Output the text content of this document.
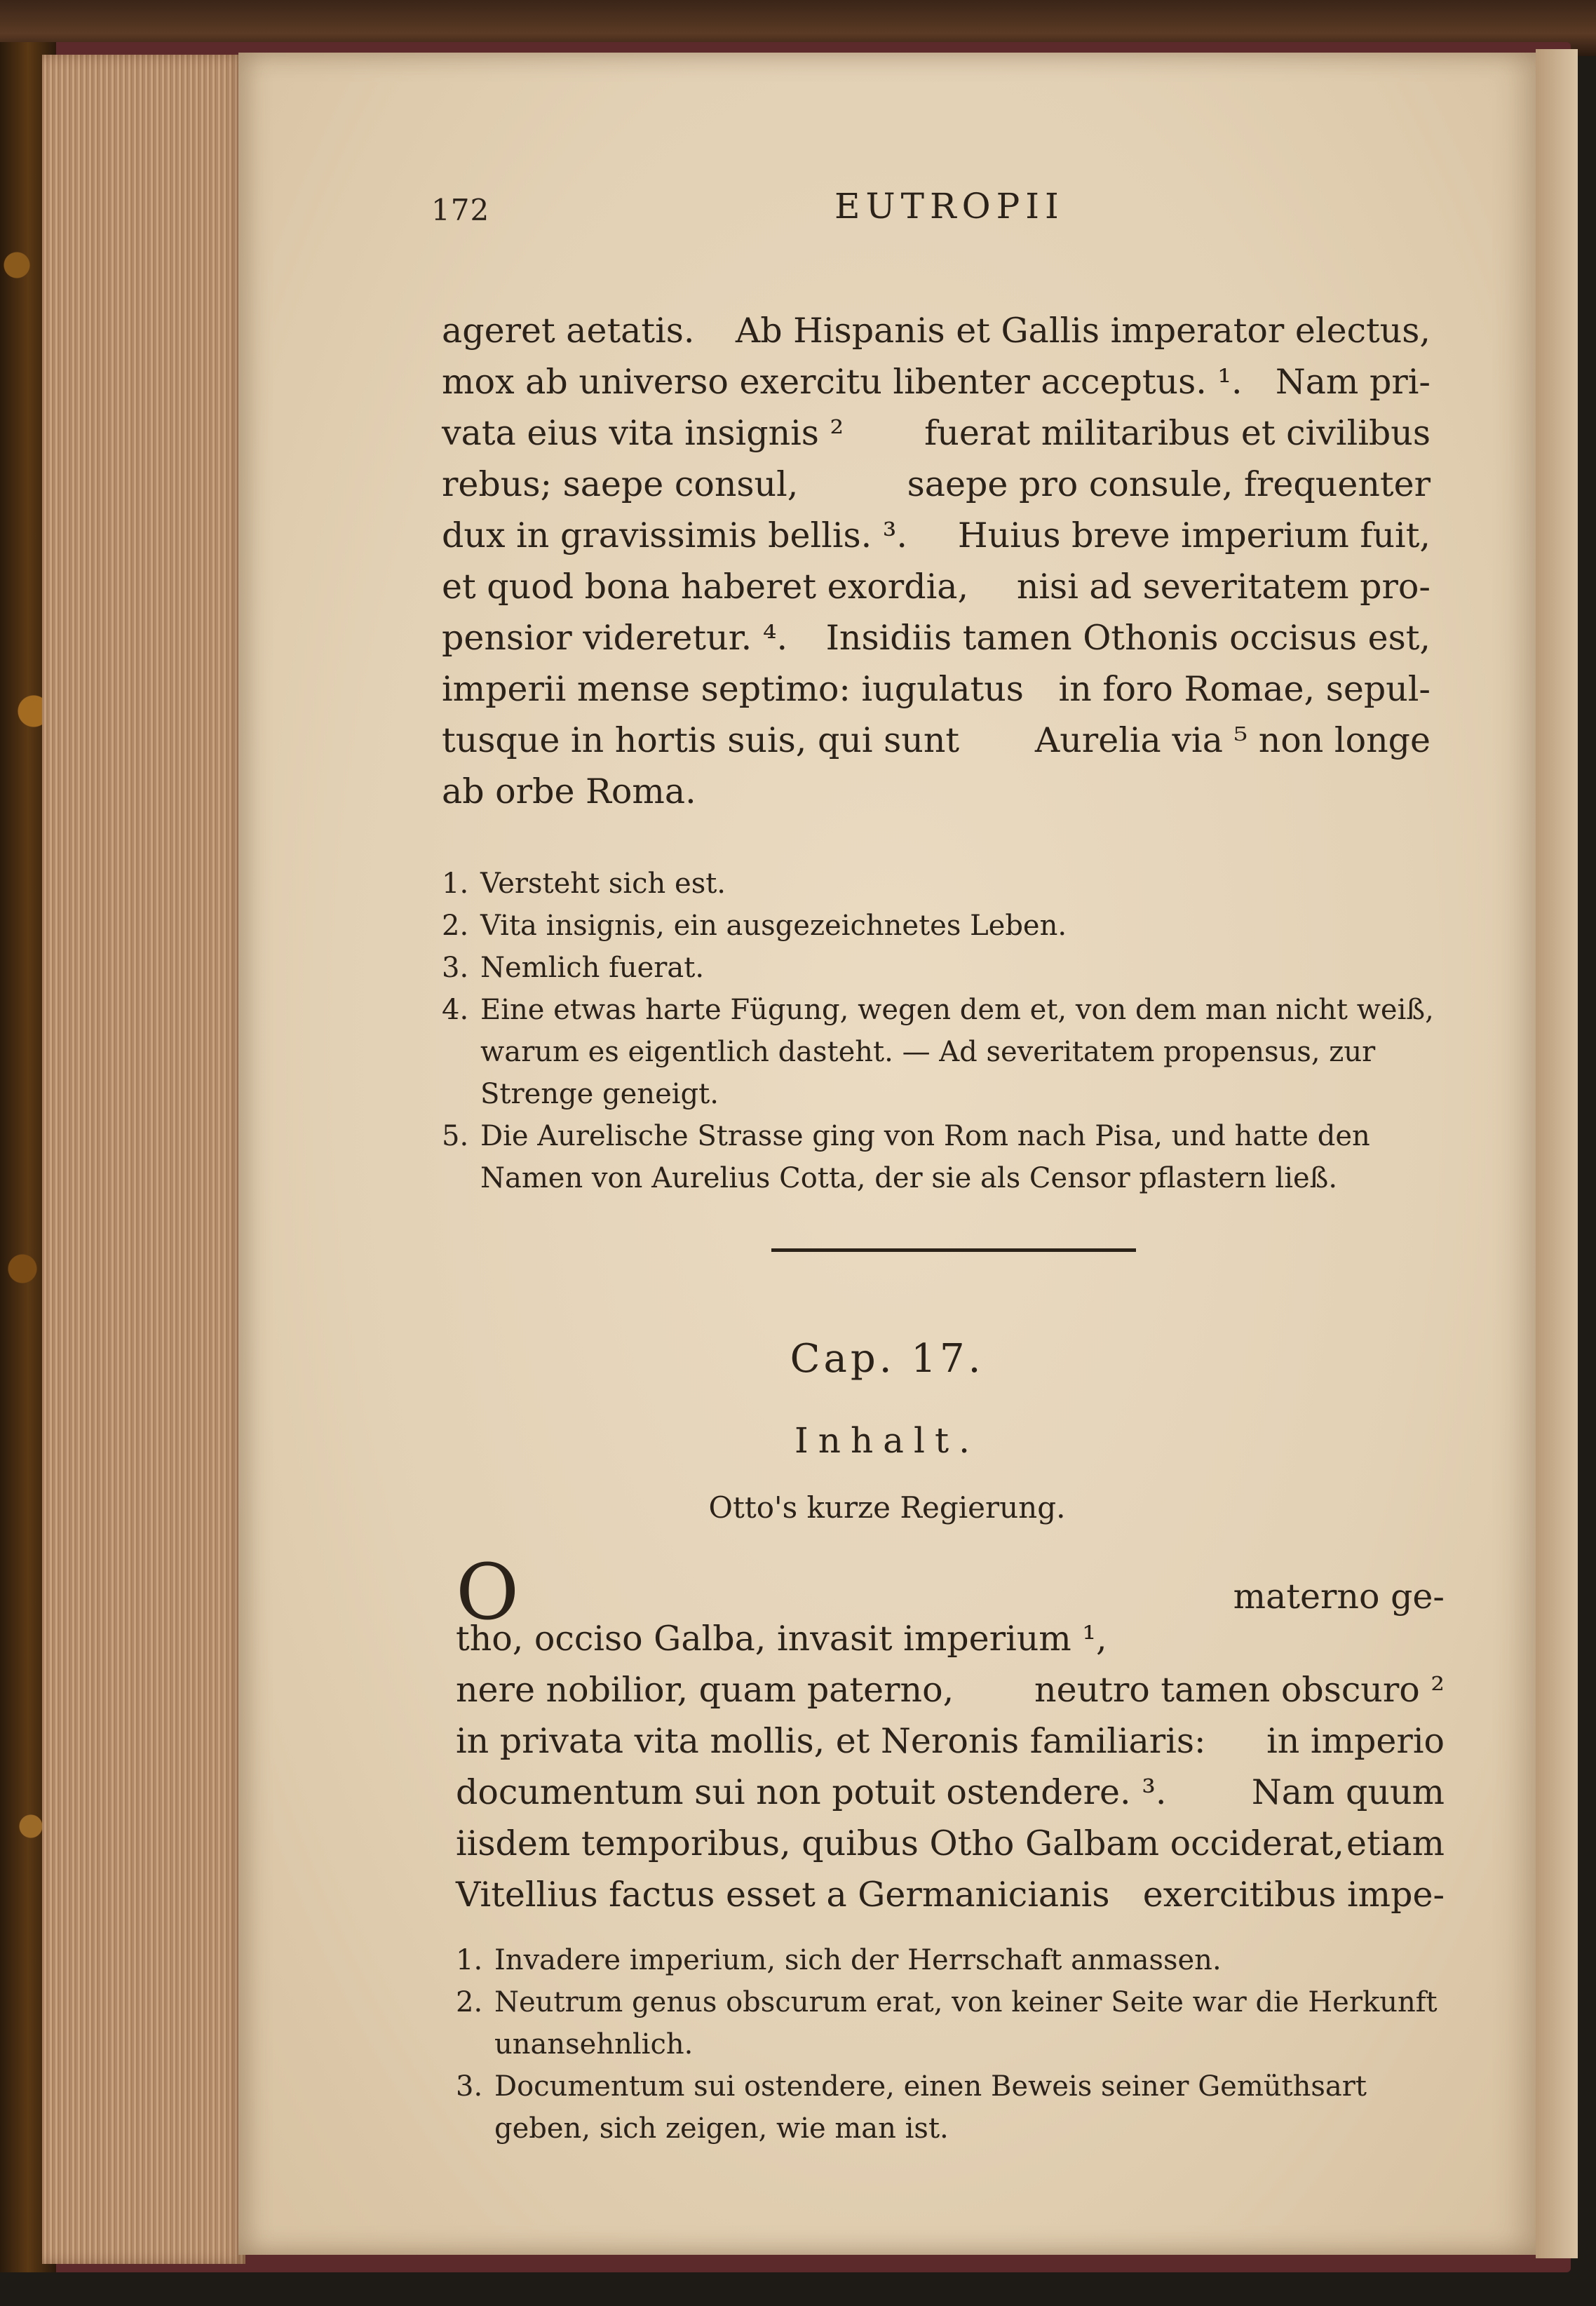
172	EUTROPII
ageret aetatis. Ab Hispanis et Gallis imperator electus,
mox ab universo exercitu libenter acceptus. ¹. Nam pri-
vata eius vita insignis ² fuerat militaribus et civilibus
rebus; saepe consul,	saepe pro consule, frequenter
dux in gravissimis bellis. ³. Huius breve imperium fuit,
et quod bona haberet exordia, nisi ad severitatem pro-
pensior videretur. ⁴. Insidiis tamen Othonis occisus est,
imperii mense septimo: iugulatus in foro Romae, sepul-
tusque in hortis suis, qui sunt Aurelia via ⁵ non longe
ab orbe Roma.
1. Versteht sich est.
2. Vita insignis, ein ausgezeichnetes Leben.
3. Nemlich fuerat.
4. Eine etwas harte Fügung, wegen dem et, von dem man nicht weiß, warum es eigentlich dasteht. — Ad severitatem propensus, zur Strenge geneigt.
5. Die Aurelische Strasse ging von Rom nach Pisa, und hatte den Namen von Aurelius Cotta, der sie als Censor pflastern ließ.
Cap. 17.
Inhalt.
Otto's kurze Regierung.
O
tho, occiso Galba, invasit imperium ¹,
materno ge-
nere nobilior, quam paterno, neutro tamen obscuro ²
in privata vita mollis, et Neronis familiaris: in imperio
documentum sui non potuit ostendere. ³. Nam quum
iisdem temporibus, quibus Otho Galbam occiderat, etiam
Vitellius factus esset a Germanicianis exercitibus impe-
1. Invadere imperium, sich der Herrschaft anmassen.
2. Neutrum genus obscurum erat, von keiner Seite war die Herkunft unansehnlich.
3. Documentum sui ostendere, einen Beweis seiner Gemüthsart geben, sich zeigen, wie man ist.
